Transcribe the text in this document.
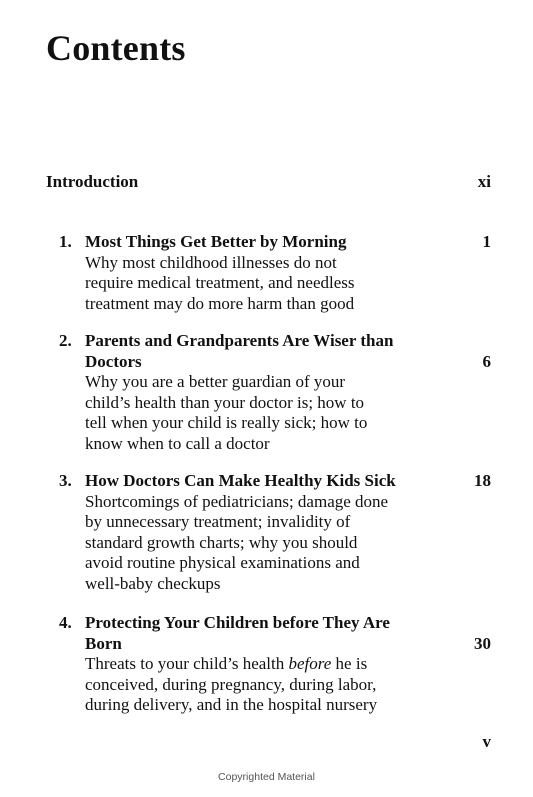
Contents
Introduction	xi
1. Most Things Get Better by Morning
Why most childhood illnesses do not
require medical treatment, and needless
treatment may do more harm than good
1
2. Parents and Grandparents Are Wiser than
Doctors
Why you are a better guardian of your
child’s health than your doctor is; how to
tell when your child is really sick; how to
know when to call a doctor
6
3. How Doctors Can Make Healthy Kids Sick
Shortcomings of pediatricians; damage done
by unnecessary treatment; invalidity of
standard growth charts; why you should
avoid routine physical examinations and
well-baby checkups
18
4. Protecting Your Children before They Are
Born
Threats to your child’s health before he is
conceived, during pregnancy, during labor,
during delivery, and in the hospital nursery
30
v
Copyrighted Material
